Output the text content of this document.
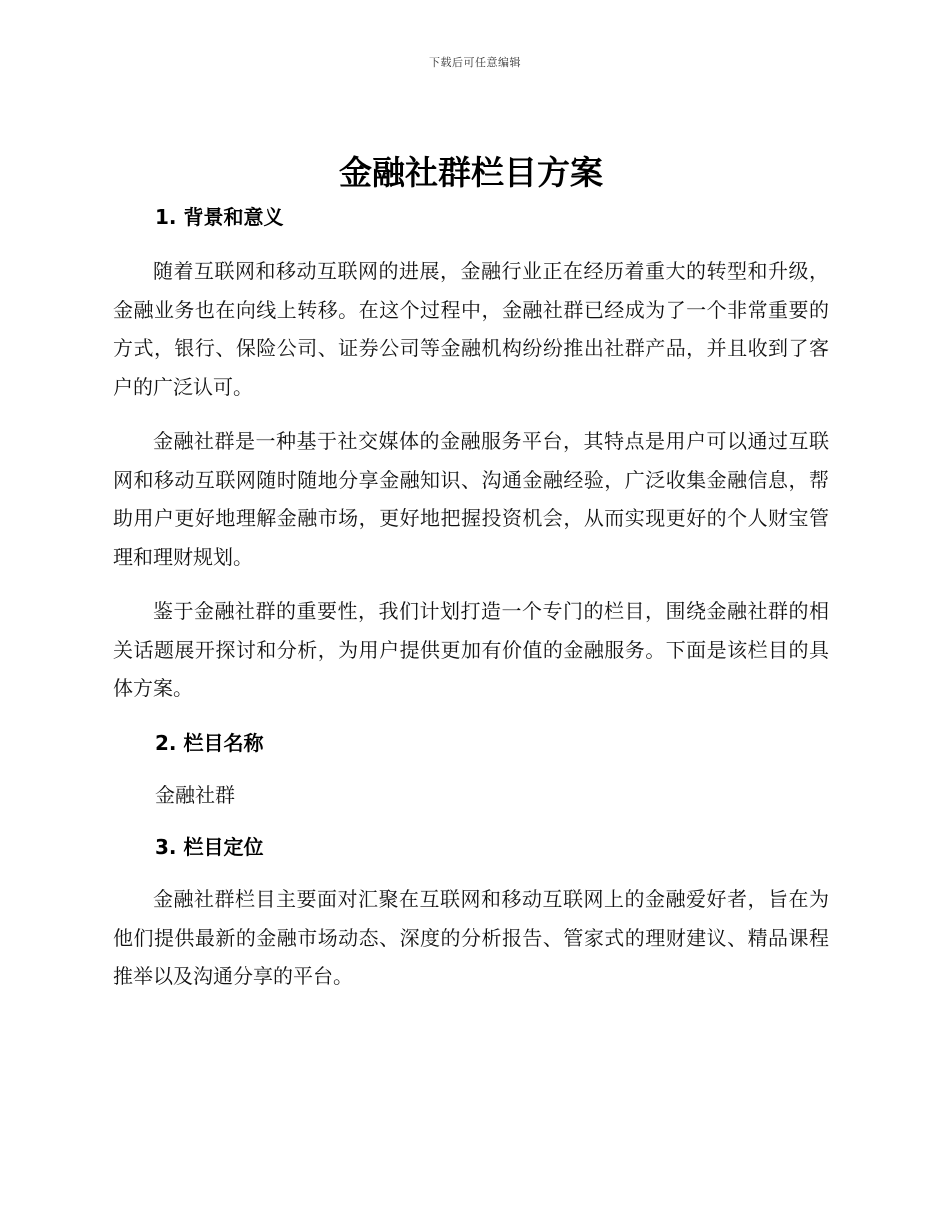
下载后可任意编辑
金融社群栏目方案
1. 背景和意义

随着互联网和移动互联网的进展，金融行业正在经历着重大的转型和升级，金融业务也在向线上转移。在这个过程中，金融社群已经成为了一个非常重要的方式，银行、保险公司、证券公司等金融机构纷纷推出社群产品，并且收到了客户的广泛认可。

金融社群是一种基于社交媒体的金融服务平台，其特点是用户可以通过互联网和移动互联网随时随地分享金融知识、沟通金融经验，广泛收集金融信息，帮助用户更好地理解金融市场，更好地把握投资机会，从而实现更好的个人财宝管理和理财规划。

鉴于金融社群的重要性，我们计划打造一个专门的栏目，围绕金融社群的相关话题展开探讨和分析，为用户提供更加有价值的金融服务。下面是该栏目的具体方案。

2. 栏目名称

金融社群

3. 栏目定位

金融社群栏目主要面对汇聚在互联网和移动互联网上的金融爱好者，旨在为他们提供最新的金融市场动态、深度的分析报告、管家式的理财建议、精品课程推举以及沟通分享的平台。
